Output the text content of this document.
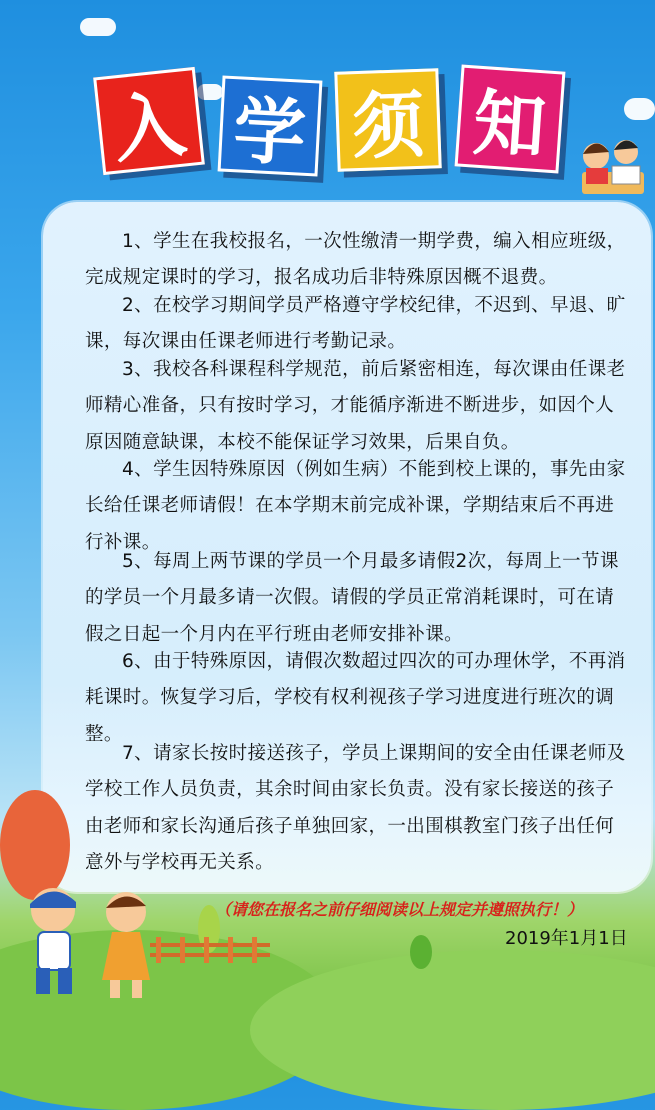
入 学 须 知
1、学生在我校报名，一次性缴清一期学费，编入相应班级，完成规定课时的学习，报名成功后非特殊原因概不退费。
2、在校学习期间学员严格遵守学校纪律，不迟到、早退、旷课，每次课由任课老师进行考勤记录。
3、我校各科课程科学规范，前后紧密相连，每次课由任课老师精心准备，只有按时学习，才能循序渐进不断进步，如因个人原因随意缺课，本校不能保证学习效果，后果自负。
4、学生因特殊原因（例如生病）不能到校上课的，事先由家长给任课老师请假！在本学期末前完成补课，学期结束后不再进行补课。
5、每周上两节课的学员一个月最多请假2次，每周上一节课的学员一个月最多请一次假。请假的学员正常消耗课时，可在请假之日起一个月内在平行班由老师安排补课。
6、由于特殊原因，请假次数超过四次的可办理休学，不再消耗课时。恢复学习后，学校有权利视孩子学习进度进行班次的调整。
7、请家长按时接送孩子，学员上课期间的安全由任课老师及学校工作人员负责，其余时间由家长负责。没有家长接送的孩子由老师和家长沟通后孩子单独回家，一出围棋教室门孩子出任何意外与学校再无关系。
（请您在报名之前仔细阅读以上规定并遵照执行！）
2019年1月1日
